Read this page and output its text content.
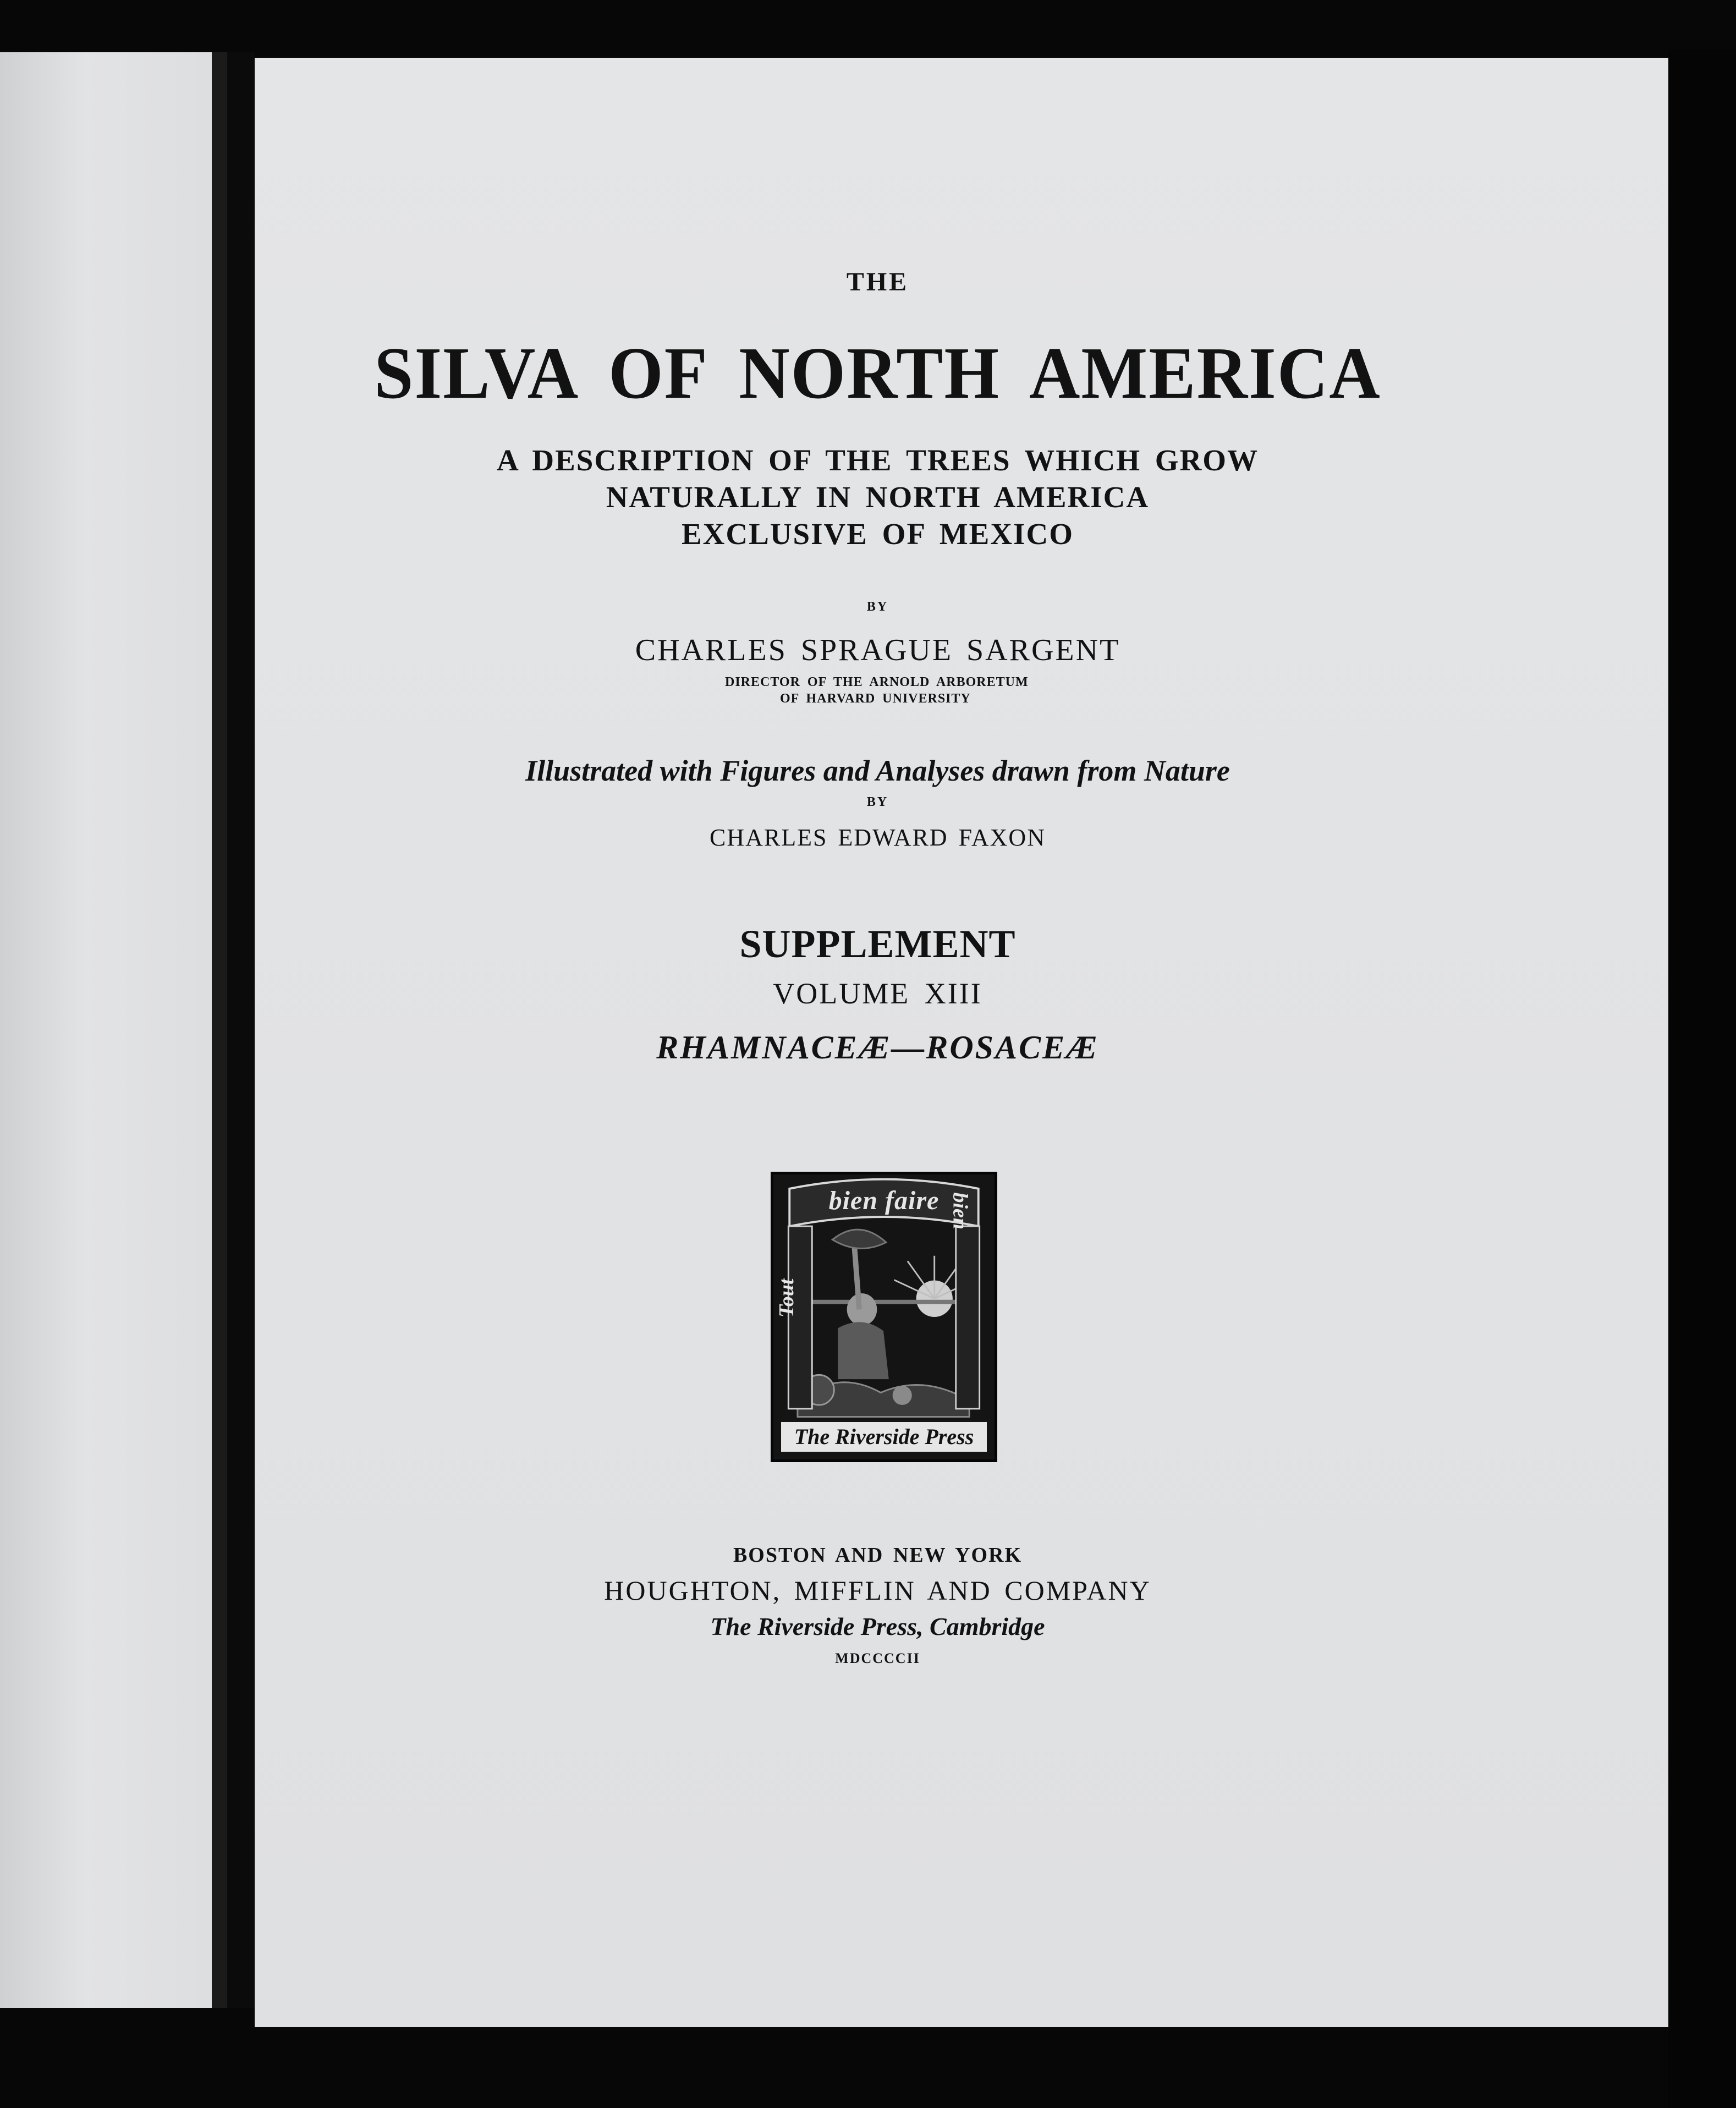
THE

SILVA OF NORTH AMERICA

A DESCRIPTION OF THE TREES WHICH GROW

NATURALLY IN NORTH AMERICA

EXCLUSIVE OF MEXICO

BY

CHARLES SPRAGUE SARGENT

DIRECTOR OF THE ARNOLD ARBORETUM

OF HARVARD UNIVERSITY

Illustrated with Figures and Analyses drawn from Nature

BY

CHARLES EDWARD FAXON

SUPPLEMENT

VOLUME XIII

RHAMNACEÆ—ROSACEÆ

bien faire
Tout
bien
The Riverside Press

BOSTON AND NEW YORK

HOUGHTON, MIFFLIN AND COMPANY

The Riverside Press, Cambridge

MDCCCCII
